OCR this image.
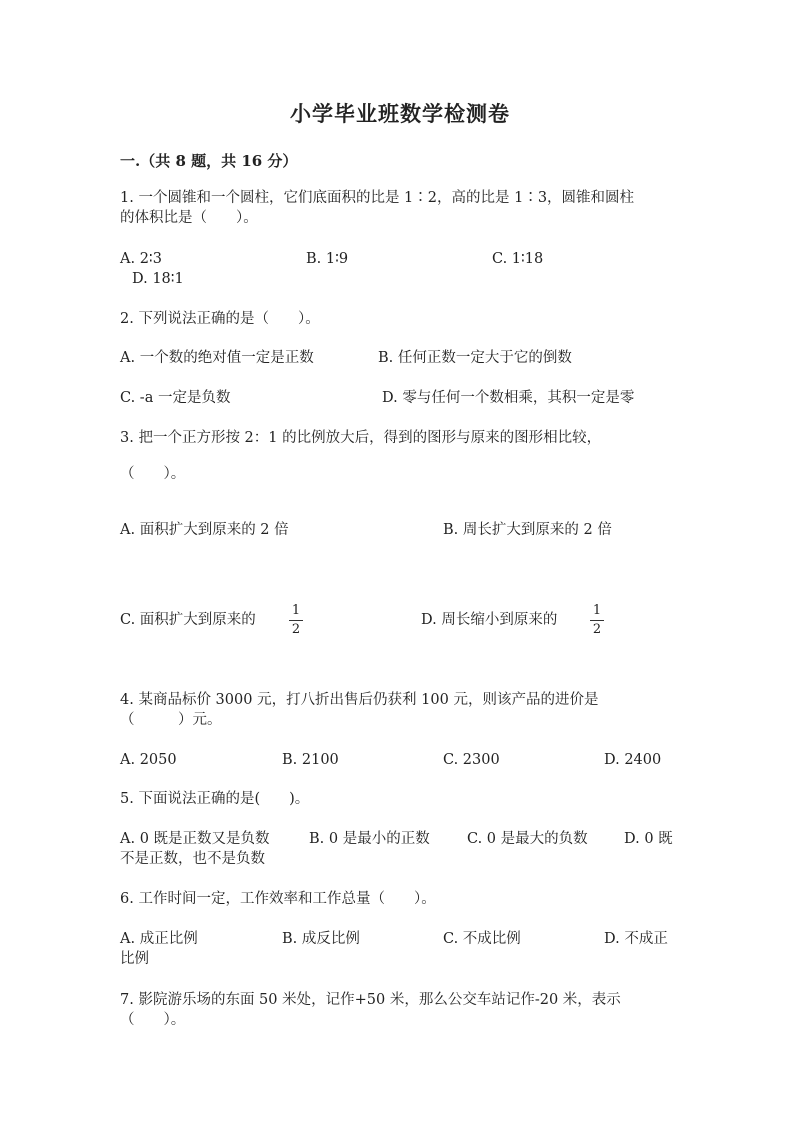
小学毕业班数学检测卷
一.（共 8 题，共 16 分）
1. 一个圆锥和一个圆柱，它们底面积的比是 1∶2，高的比是 1∶3，圆锥和圆柱
的体积比是（　　）。
A. 2∶3	B. 1∶9	C. 1∶18
D. 18∶1
2. 下列说法正确的是（　　）。
A. 一个数的绝对值一定是正数	B. 任何正数一定大于它的倒数
C. -a 一定是负数	D. 零与任何一个数相乘，其积一定是零
3. 把一个正方形按 2：1 的比例放大后，得到的图形与原来的图形相比较，
（　　）。
A. 面积扩大到原来的 2 倍	B. 周长扩大到原来的 2 倍
C. 面积扩大到原来的
1
2
D. 周长缩小到原来的
1
2
4. 某商品标价 3000 元，打八折出售后仍获利 100 元，则该产品的进价是
（　　　）元。
A. 2050	B. 2100	C. 2300	D. 2400
5. 下面说法正确的是(　　)。
A. 0 既是正数又是负数	B. 0 是最小的正数	C. 0 是最大的负数	D. 0 既
不是正数，也不是负数
6. 工作时间一定，工作效率和工作总量（　　）。
A. 成正比例	B. 成反比例	C. 不成比例	D. 不成正
比例
7. 影院游乐场的东面 50 米处，记作+50 米，那么公交车站记作-20 米，表示
（　　）。
